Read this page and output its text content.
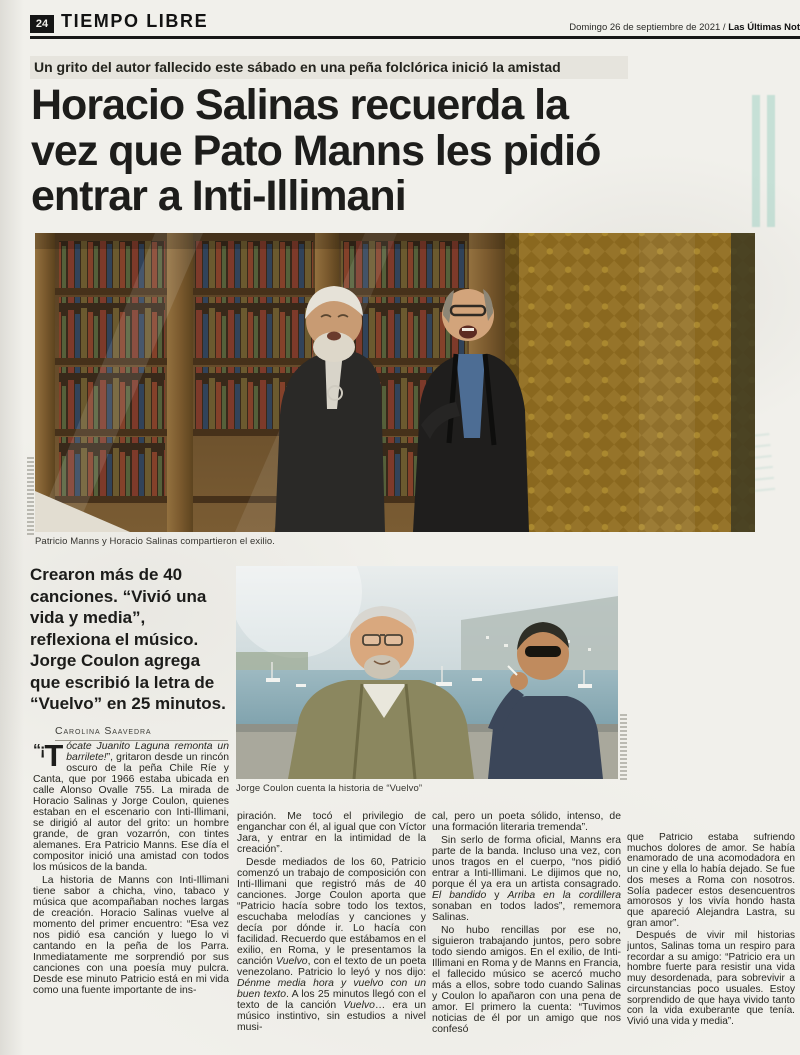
24 TIEMPO LIBRE	Domingo 26 de septiembre de 2021 / Las Últimas Not
Un grito del autor fallecido este sábado en una peña folclórica inició la amistad
Horacio Salinas recuerda la
vez que Pato Manns les pidió
entrar a Inti-Illimani
Patricio Manns y Horacio Salinas compartieron el exilio.
Crearon más de 40 canciones. “Vivió una vida y media”, reflexiona el músico. Jorge Coulon agrega que escribió la letra de “Vuelvo” en 25 minutos.
Carolina Saavedra
Jorge Coulon cuenta la historia de “Vuelvo”

“¡ T ócate Juanito Laguna remonta un barrilete!”, gritaron desde un rincón oscuro de la peña Chile Ríe y Canta, que por 1966 estaba ubicada en calle Alonso Ovalle 755. La mirada de Horacio Salinas y Jorge Coulon, quienes estaban en el escenario con Inti-Illimani, se dirigió al autor del grito: un hombre grande, de gran vozarrón, con tintes alemanes. Era Patricio Manns. Ese día el compositor inició una amistad con todos los músicos de la banda.

La historia de Manns con Inti-Illimani tiene sabor a chicha, vino, tabaco y música que acompañaban noches largas de creación. Horacio Salinas vuelve al momento del primer encuentro: “Esa vez nos pidió esa canción y luego lo vi cantando en la peña de los Parra. Inmediatamente me sorprendió por sus canciones con una poesía muy pulcra. Desde ese minuto Patricio está en mi vida como una fuente importante de ins-

piración. Me tocó el privilegio de enganchar con él, al igual que con Víctor Jara, y entrar en la intimidad de la creación”.

Desde mediados de los 60, Patricio comenzó un trabajo de composición con Inti-Illimani que registró más de 40 canciones. Jorge Coulon aporta que “Patricio hacía sobre todo los textos, escuchaba melodías y canciones y decía por dónde ir. Lo hacía con facilidad. Recuerdo que estábamos en el exilio, en Roma, y le presentamos la canción Vuelvo, con el texto de un poeta venezolano. Patricio lo leyó y nos dijo: Dénme media hora y vuelvo con un buen texto. A los 25 minutos llegó con el texto de la canción Vuelvo… era un músico instintivo, sin estudios a nivel musi-

cal, pero un poeta sólido, intenso, de una formación literaria tremenda”.

Sin serlo de forma oficial, Manns era parte de la banda. Incluso una vez, con unos tragos en el cuerpo, “nos pidió entrar a Inti-Illimani. Le dijimos que no, porque él ya era un artista consagrado. El bandido y Arriba en la cordillera sonaban en todos lados”, rememora Salinas.

No hubo rencillas por ese no, siguieron trabajando juntos, pero sobre todo siendo amigos. En el exilio, de Inti-Illimani en Roma y de Manns en Francia, el fallecido músico se acercó mucho más a ellos, sobre todo cuando Salinas y Coulon lo apañaron con una pena de amor. El primero la cuenta: “Tuvimos noticias de él por un amigo que nos confesó

que Patricio estaba sufriendo muchos dolores de amor. Se había enamorado de una acomodadora en un cine y ella lo había dejado. Se fue dos meses a Roma con nosotros. Solía padecer estos desencuentros amorosos y los vivía hondo hasta que apareció Alejandra Lastra, su gran amor”.

Después de vivir mil historias juntos, Salinas toma un respiro para recordar a su amigo: “Patricio era un hombre fuerte para resistir una vida muy desordenada, para sobrevivir a circunstancias poco usuales. Estoy sorprendido de que haya vivido tanto con la vida exuberante que tenía. Vivió una vida y media”.
